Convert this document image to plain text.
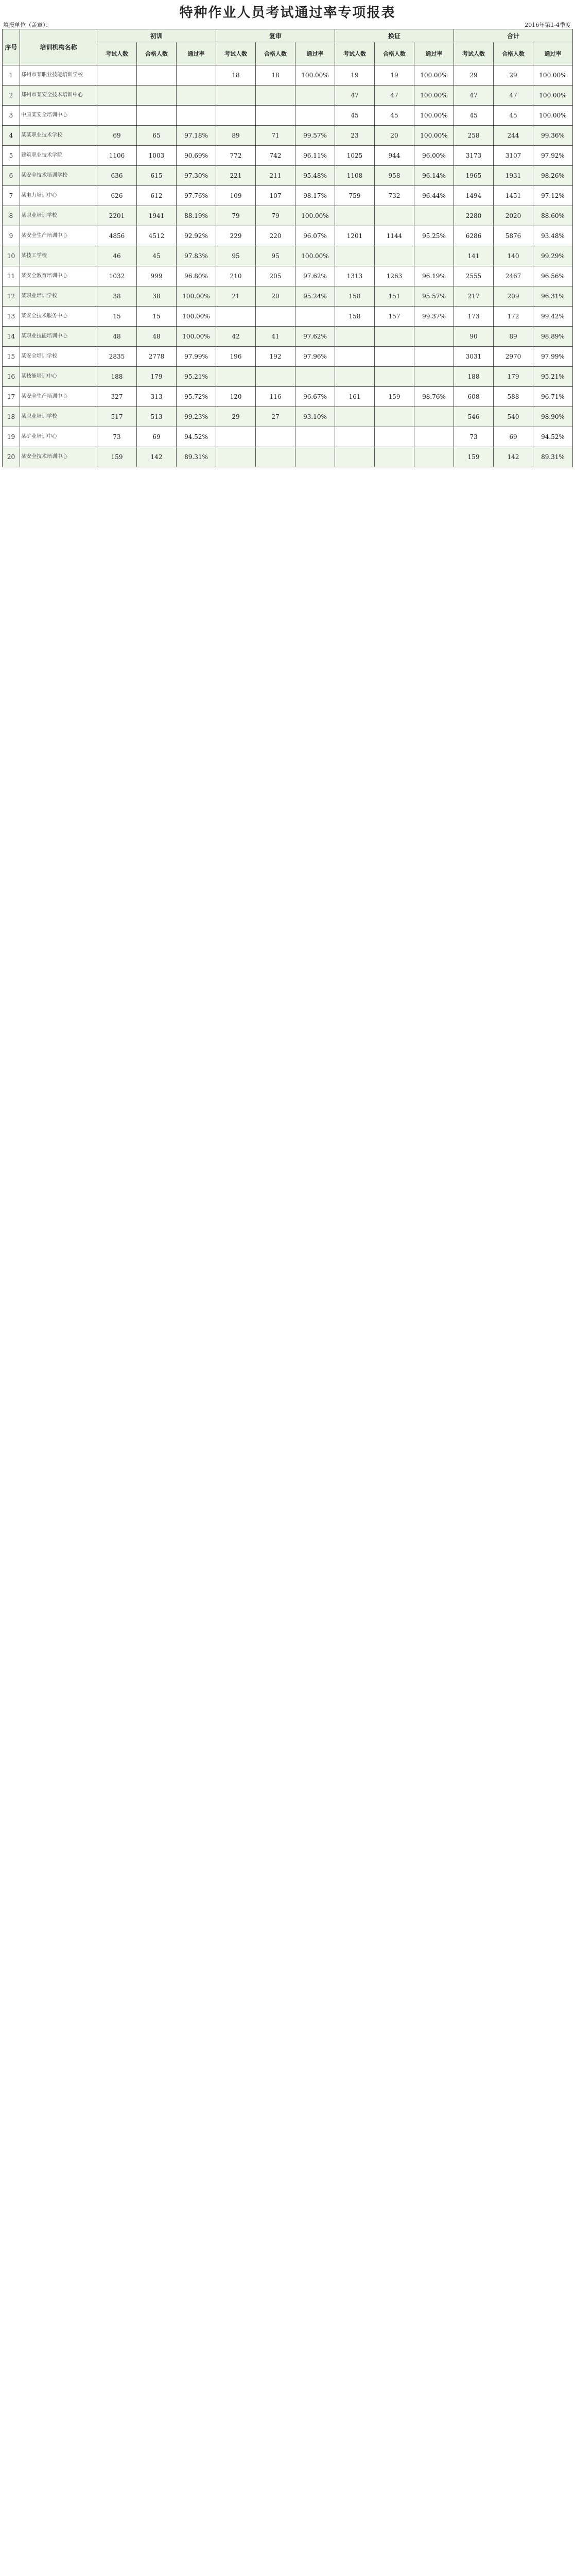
特种作业人员考试通过率专项报表
填报单位（盖章）：	2016年第1-4季度
序号	培训机构名称	初训			复审			换证			合计		
		考试人数	合格人数	通过率	考试人数	合格人数	通过率	考试人数	合格人数	通过率	考试人数	合格人数	通过率
1	郑州市某职业技能培训学校				18	18	100.00%	19	19	100.00%	29	29	100.00%
2	郑州市某安全技术培训中心							47	47	100.00%	47	47	100.00%
3	中原某安全培训中心							45	45	100.00%	45	45	100.00%
4	某某职业技术学校	69	65	97.18%	89	71	99.57%	23	20	100.00%	258	244	99.36%
5	建筑职业技术学院	1106	1003	90.69%	772	742	96.11%	1025	944	96.00%	3173	3107	97.92%
6	某安全技术培训学校	636	615	97.30%	221	211	95.48%	1108	958	96.14%	1965	1931	98.26%
7	某电力培训中心	626	612	97.76%	109	107	98.17%	759	732	96.44%	1494	1451	97.12%
8	某职业培训学校	2201	1941	88.19%	79	79	100.00%				2280	2020	88.60%
9	某安全生产培训中心	4856	4512	92.92%	229	220	96.07%	1201	1144	95.25%	6286	5876	93.48%
10	某技工学校	46	45	97.83%	95	95	100.00%				141	140	99.29%
11	某安全教育培训中心	1032	999	96.80%	210	205	97.62%	1313	1263	96.19%	2555	2467	96.56%
12	某职业培训学校	38	38	100.00%	21	20	95.24%	158	151	95.57%	217	209	96.31%
13	某安全技术服务中心	15	15	100.00%				158	157	99.37%	173	172	99.42%
14	某职业技能培训中心	48	48	100.00%	42	41	97.62%				90	89	98.89%
15	某安全培训学校	2835	2778	97.99%	196	192	97.96%				3031	2970	97.99%
16	某技能培训中心	188	179	95.21%							188	179	95.21%
17	某安全生产培训中心	327	313	95.72%	120	116	96.67%	161	159	98.76%	608	588	96.71%
18	某职业培训学校	517	513	99.23%	29	27	93.10%				546	540	98.90%
19	某矿业培训中心	73	69	94.52%							73	69	94.52%
20	某安全技术培训中心	159	142	89.31%							159	142	89.31%
